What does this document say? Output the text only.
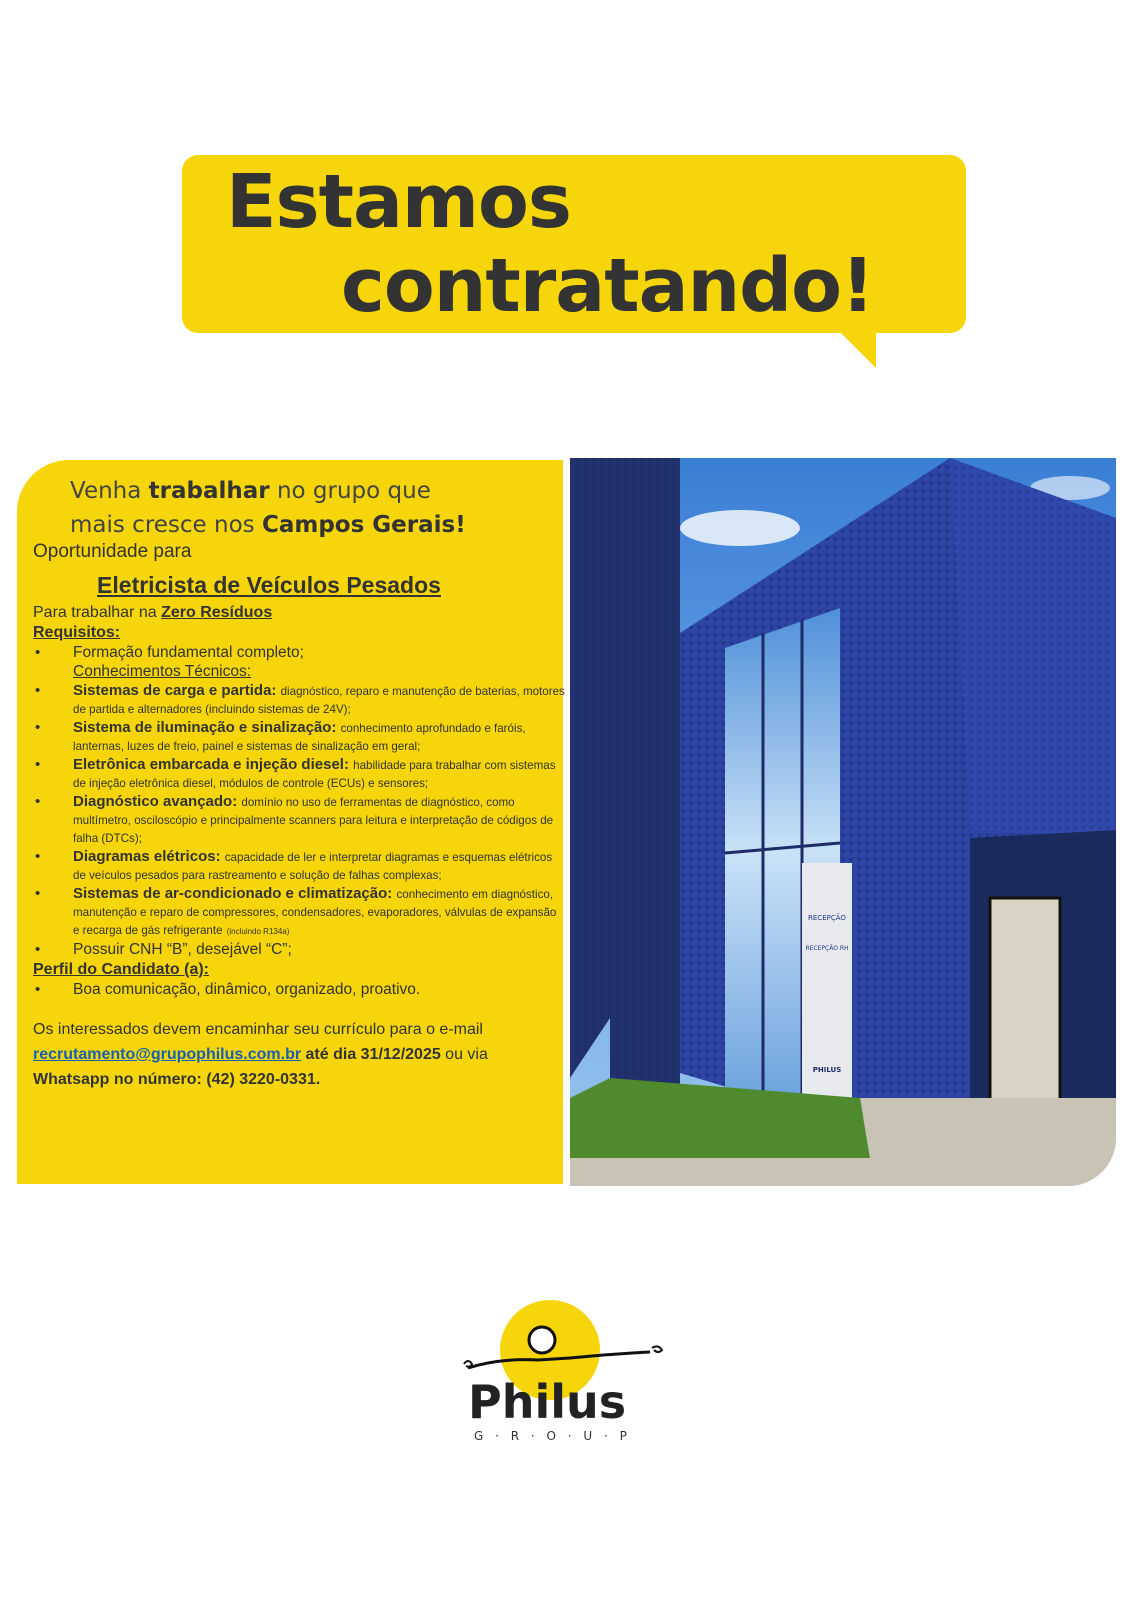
Estamos
contratando!
Venha trabalhar no grupo que
mais cresce nos Campos Gerais!
Oportunidade para
Eletricista de Veículos Pesados
Para trabalhar na Zero Resíduos
Requisitos:
• Formação fundamental completo;
Conhecimentos Técnicos:
• Sistemas de carga e partida: diagnóstico, reparo e manutenção de baterias, motores de partida e alternadores (incluindo sistemas de 24V);
• Sistema de iluminação e sinalização: conhecimento aprofundado e faróis, lanternas, luzes de freio, painel e sistemas de sinalização em geral;
• Eletrônica embarcada e injeção diesel: habilidade para trabalhar com sistemas de injeção eletrônica diesel, módulos de controle (ECUs) e sensores;
• Diagnóstico avançado: domínio no uso de ferramentas de diagnóstico, como multímetro, osciloscópio e principalmente scanners para leitura e interpretação de códigos de falha (DTCs);
• Diagramas elétricos: capacidade de ler e interpretar diagramas e esquemas elétricos de veículos pesados para rastreamento e solução de falhas complexas;
• Sistemas de ar-condicionado e climatização: conhecimento em diagnóstico, manutenção e reparo de compressores, condensadores, evaporadores, válvulas de expansão e recarga de gás refrigerante (incluindo R134a)
• Possuir CNH “B”, desejável “C”;
Perfil do Candidato (a):
• Boa comunicação, dinâmico, organizado, proativo.
Os interessados devem encaminhar seu currículo para o e-mail
recrutamento@grupophilus.com.br até dia 31/12/2025 ou via
Whatsapp no número: (42) 3220-0331.
RECEPÇÃO
RECEPÇÃO RH
PHILUS
Philus
G · R · O · U · P
